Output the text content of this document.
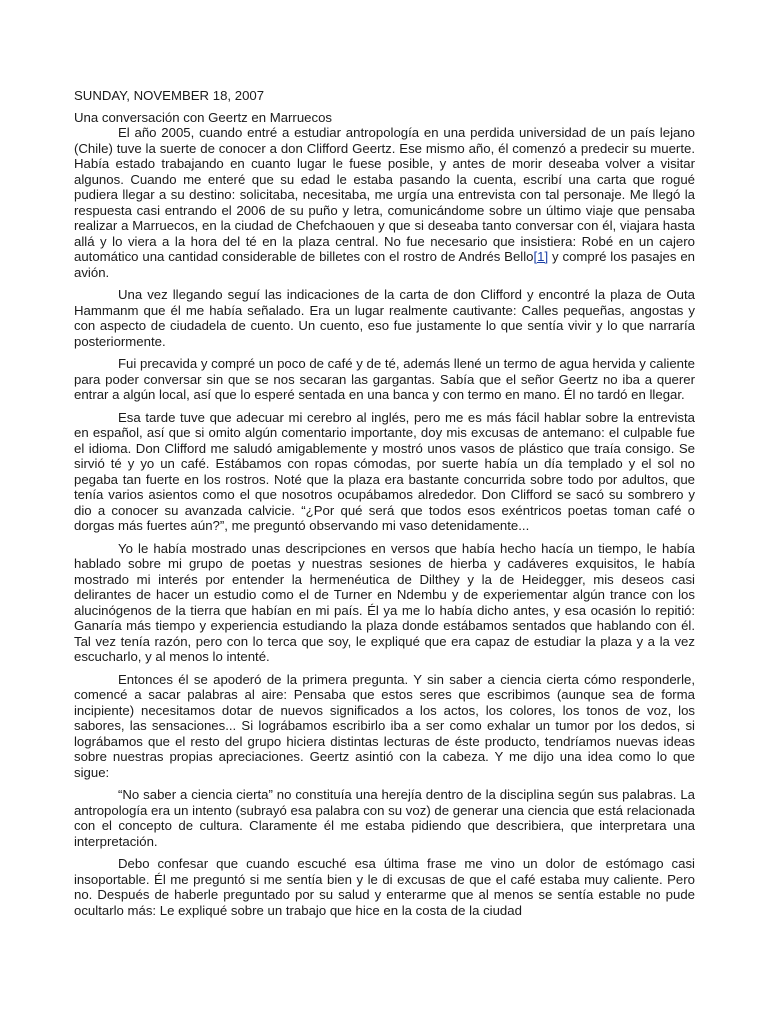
SUNDAY, NOVEMBER 18, 2007
Una conversación con Geertz en Marruecos

El año 2005, cuando entré a estudiar antropología en una perdida universidad de un país lejano (Chile) tuve la suerte de conocer a don Clifford Geertz. Ese mismo año, él comenzó a predecir su muerte. Había estado trabajando en cuanto lugar le fuese posible, y antes de morir deseaba volver a visitar algunos. Cuando me enteré que su edad le estaba pasando la cuenta, escribí una carta que rogué pudiera llegar a su destino: solicitaba, necesitaba, me urgía una entrevista con tal personaje. Me llegó la respuesta casi entrando el 2006 de su puño y letra, comunicándome sobre un último viaje que pensaba realizar a Marruecos, en la ciudad de Chefchaouen y que si deseaba tanto conversar con él, viajara hasta allá y lo viera a la hora del té en la plaza central. No fue necesario que insistiera: Robé en un cajero automático una cantidad considerable de billetes con el rostro de Andrés Bello[1] y compré los pasajes en avión.

Una vez llegando seguí las indicaciones de la carta de don Clifford y encontré la plaza de Outa Hammanm que él me había señalado. Era un lugar realmente cautivante: Calles pequeñas, angostas y con aspecto de ciudadela de cuento. Un cuento, eso fue justamente lo que sentía vivir y lo que narraría posteriormente.

Fui precavida y compré un poco de café y de té, además llené un termo de agua hervida y caliente para poder conversar sin que se nos secaran las gargantas. Sabía que el señor Geertz no iba a querer entrar a algún local, así que lo esperé sentada en una banca y con termo en mano. Él no tardó en llegar.

Esa tarde tuve que adecuar mi cerebro al inglés, pero me es más fácil hablar sobre la entrevista en español, así que si omito algún comentario importante, doy mis excusas de antemano: el culpable fue el idioma. Don Clifford me saludó amigablemente y mostró unos vasos de plástico que traía consigo. Se sirvió té y yo un café. Estábamos con ropas cómodas, por suerte había un día templado y el sol no pegaba tan fuerte en los rostros. Noté que la plaza era bastante concurrida sobre todo por adultos, que tenía varios asientos como el que nosotros ocupábamos alrededor. Don Clifford se sacó su sombrero y dio a conocer su avanzada calvicie. “¿Por qué será que todos esos exéntricos poetas toman café o dorgas más fuertes aún?”, me preguntó observando mi vaso detenidamente...

Yo le había mostrado unas descripciones en versos que había hecho hacía un tiempo, le había hablado sobre mi grupo de poetas y nuestras sesiones de hierba y cadáveres exquisitos, le había mostrado mi interés por entender la hermenéutica de Dilthey y la de Heidegger, mis deseos casi delirantes de hacer un estudio como el de Turner en Ndembu y de experiementar algún trance con los alucinógenos de la tierra que habían en mi país. Él ya me lo había dicho antes, y esa ocasión lo repitió: Ganaría más tiempo y experiencia estudiando la plaza donde estábamos sentados que hablando con él. Tal vez tenía razón, pero con lo terca que soy, le expliqué que era capaz de estudiar la plaza y a la vez escucharlo, y al menos lo intenté.

Entonces él se apoderó de la primera pregunta. Y sin saber a ciencia cierta cómo responderle, comencé a sacar palabras al aire: Pensaba que estos seres que escribimos (aunque sea de forma incipiente) necesitamos dotar de nuevos significados a los actos, los colores, los tonos de voz, los sabores, las sensaciones... Si lográbamos escribirlo iba a ser como exhalar un tumor por los dedos, si lográbamos que el resto del grupo hiciera distintas lecturas de éste producto, tendríamos nuevas ideas sobre nuestras propias apreciaciones. Geertz asintió con la cabeza. Y me dijo una idea como lo que sigue:

“No saber a ciencia cierta” no constituía una herejía dentro de la disciplina según sus palabras. La antropología era un intento (subrayó esa palabra con su voz) de generar una ciencia que está relacionada con el concepto de cultura. Claramente él me estaba pidiendo que describiera, que interpretara una interpretación.

Debo confesar que cuando escuché esa última frase me vino un dolor de estómago casi insoportable. Él me preguntó si me sentía bien y le di excusas de que el café estaba muy caliente. Pero no. Después de haberle preguntado por su salud y enterarme que al menos se sentía estable no pude ocultarlo más: Le expliqué sobre un trabajo que hice en la costa de la ciudad
